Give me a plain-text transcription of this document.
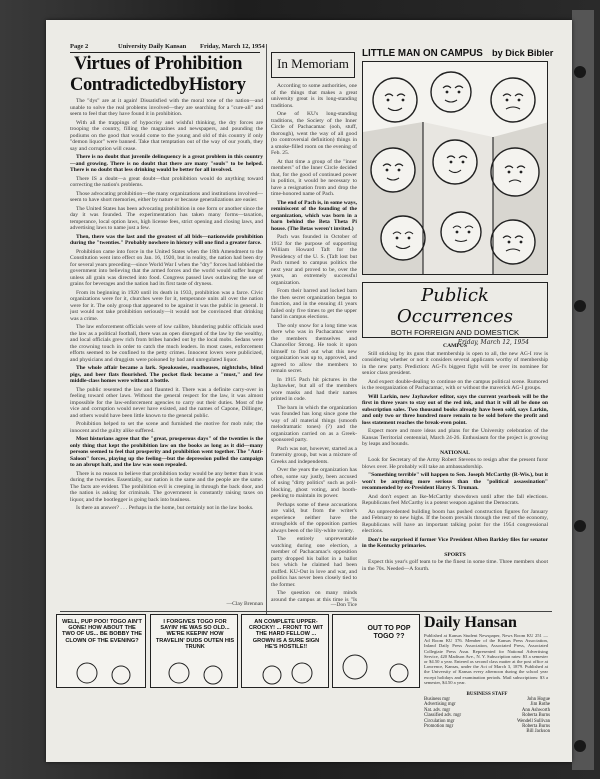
Page 2	University Daily Kansan Friday, March 12, 1954
Virtues of Prohibition
ContradictedbyHistory

The "dys" are at it again! Dissatisfied with the moral tone of the nation—and unable to solve the real problems involved—they are searching for a "cure-all" and seem to feel that they have found it in prohibition.

With all the trappings of hypocrisy and wishful thinking, the dry forces are trooping the country, filling the magazines and newspapers, and pounding the podiums on the good that would come to the young and old of this country if only "demon liquor" were banned. Take that temptation out of the way of our youth, they say and corruption will cease.

There is no doubt that juvenile delinquency is a great problem in this country—and growing. There is no doubt that there are many "souls" to be helped. There is no doubt that less drinking would be better for all involved.

There IS a doubt—a great doubt—that prohibition would do anything toward correcting the nation's problems.

Those advocating prohibition—the many organizations and institutions involved—seem to have short memories, either by nature or because generalizations are easier.

The United States has been advocating prohibition in one form or another since the day it was founded. The experimentation has taken many forms—taxation, temperance, local option laws, high license fees, strict opening and closing laws, and advertising laws to name just a few.

Then, there was the last and the greatest of all bids—nationwide prohibition during the "twenties." Probably nowhere in history will one find a greater farce.

Prohibition came into force in the United States when the 18th Amendment to the Constitution went into effect on Jan. 16, 1920, but in reality, the nation had been dry for several years preceding—since World War I when the "dry" forces had lobbied the government into believing that the armed forces and the world would suffer hunger unless all grain was directed into food. Congress passed laws outlawing the use of grains for beverages and the nation had its first taste of dryness.

From its beginning in 1920 until its death in 1933, prohibition was a farce. Civic organizations were for it, churches were for it, temperance units all over the nation were for it. The only group that appeared to be against it was the public in general. It just would not take prohibition seriously—it would not be convinced that drinking was a crime.

The law enforcement officials were of low calibre, blundering public officials used the law as a political football, there was an open disregard of the law by the wealthy, and local officials grew rich from bribes handed out by the local mobs. Sedans were the crowning touch in order to catch the much leaders. In most cases, enforcement efforts seemed to be confined to the petty crimes. Innocent lovers were publicized, and physicians and druggists were poisoned by bad and unregulated liquor.

The whole affair became a lark. Speakeasies, roadhouses, nightclubs, blind pigs, and beer flats flourished. The pocket flask became a "must," and few middle-class homes were without a bottle.

The public resented the law and flaunted it. There was a definite carry-over in feeling toward other laws. Without the general respect for the law, it was almost impossible for the law-enforcement agencies to carry out their duties. Most of the vice and corruption would never have existed, and the names of Capone, Dillinger, and others would have been little known to the general public.

Prohibition helped to set the scene and furnished the motive for mob rule; the innocent and the guilty alike suffered.

Most historians agree that the "great, prosperous days" of the twenties is the only thing that kept the prohibition law on the books as long as it did—many persons seemed to feel that prosperity and prohibition went together. The "Anti-Saloon" forces, playing up the feeling—but the depression pulled the campaign to an abrupt halt, and the law was soon repealed.

There is no reason to believe that prohibition today would be any better than it was during the twenties. Essentially, our nation is the same and the people are the same. The facts are evident. The prohibition evil is creeping in through the back door, and the nation is asking for criminals. The government is constantly raising taxes on liquor, and the bootlegger is going back into business.

Is there an answer? . . . Perhaps in the home, but certainly not in the law books.

—Clay Brennan
In Memoriam

According to some authorities, one of the things that makes a great university great is its long-standing traditions.

One of KU's long-standing traditions, the Society of the Inner Circle of Pachacamac (ooh, stuff, thorough), went the way of all good (to controversial definition) things in a smoke-filled room on the evening of Feb. 25.

At that time a group of the "inner members" of the Inner Circle decided that, for the good of continued power in politics, it would be necessary to have a resignation from and drop the time-honored name of Pach.

The end of Pach is, in some ways, reminiscent of the founding of the organization, which was born in a barn behind the Beta Theta Pi house. (The Betas weren't invited.)

Pach was founded in October of 1912 for the purpose of supporting William Howard Taft for the Presidency of the U. S. (Taft lost but Pach turned to campus politics the next year and proved to be, over the years, an extremely successful organization.

From their barred and locked barn the then secret organization began to function, and in the ensuing 41 years failed only five times to get the upper hand in campus elections.

The only snow for a long time was there who was in Pachacamac were the members themselves and Chancellor Strong. He took it upon himself to find out what this new organization was up to, approved, and agreed to allow the members to remain secret.

In 1915 Pach hit pictures in the Jayhawker, but all of the members wore masks and had their names printed in code.

The barn in which the organization was founded has long since gone the way of all material things (smooth melodramatic tones) (?) and the organization carried on as a Greek-sponsored party.

Pach was not, however, started as a fraternity group, but was a mixture of Greeks and independents.

Over the years the organization has often, some say justly, been accused of using "dirty politics" such as poll-blocking, ghost voting, and booth-peeking to maintain its power.

Perhaps some of these accusations are valid, but from the writer's experience neither have the strongholds of the opposition parties always been of the lily-white variety.

The entirely unpreventable watching during one election, a member of Pachacamac's opposition party dropped his ballot in a ballot box which he claimed had been stuffed. KU-Out in love and war, and politics has never been closely tied to the former.

The question on many minds around the campus at this time is "Is

—Don Tice
LITTLE MAN ON CAMPUS by Dick Bibler
Publick Occurrences
BOTH FORREIGN AND DOMESTICK
Friday, March 12, 1954
CAMPUS

Still sticking by its guns that membership is open to all, the new AG-I row is considering whether or not it considers several applicants worthy of membership in the new party. Prediction: AG-I's biggest fight will be over its nominee for senior class president.

And expect double-dealing to continue on the campus political scene. Rumored is the reorganization of Pachacamac, with or without the maverick AG-I groups.

Will Larkin, new Jayhawker editor, says the current yearbook will be the first in three years to stay out of the red ink, and that it will all be done on subscription sales. Two thousand books already have been sold, says Larkin, and only two or three hundred more remain to be sold before the profit and loss statement reaches the break-even point.

Expect more and more ideas and plans for the University celebration of the Kansas Territorial centennial, March 24-26. Enthusiasm for the project is growing by leaps and bounds.

NATIONAL

Look for Secretary of the Army Robert Stevens to resign after the present furor blows over. He probably will take an ambassadorship.

"Something terrible" will happen to Sen. Joseph McCarthy (R-Wis.), but it won't be anything more serious than the "political assassination" recommended by ex-President Harry S. Truman.

And don't expect an Ike-McCarthy showdown until after the fall elections. Republicans feel McCarthy is a potent weapon against the Democrats.

An unprecedented building boom has pushed construction figures for January and February to new highs. If the boom prevails through the rest of the economy, Republicans will have an important talking point for the 1954 congressional elections.

Don't be surprised if former Vice President Alben Barkley files for senator in the Kentucky primaries.

SPORTS

Expect this year's golf team to be the finest in some time. Three members shoot in the 70s. Needed—A fourth.

WELL, PUP POO! TOGO AIN'T GONE! HOW ABOUT THE TWO OF US... BE BOBBY THE CLOWN OF THE EVENING?
I FORGIVES TOGO FOR SAYIN' HE WAS SO OLD... WE'RE KEEPIN' HOW TRAVELIN' DUDS OUTEN HIS TRUNK
AN COMPLETE UPPER-CROCKY! ... FRONT TO WIT THE HARD FELLOW ... GROWN IS A SURE SIGN HE'S HOSTILE!!
OUT TO POP TOGO ??
Daily Hansan
Published at Kansas Student Newspaper, News Room KU 251 — Ad Room KU 376. Member of the Kansas Press Association, Inland Daily Press Association, Associated Press, Associated Collegiate Press Assn. Represented for National Advertising Service, 420 Madison Ave., N. Y. Subscription rates: $3 a semester or $4.50 a year. Entered as second class matter at the post office at Lawrence, Kansas, under the Act of March 3, 1879. Published at the University of Kansas every afternoon during the school year except holidays and examination periods. Mail subscriptions: $3 a semester, $4.50 a year.
BUSINESS STAFF
Business mgr	John Hogue
Advertising mgr	Jim Rothe
Nat. adv. mgr	Ann Ashworth
Classified adv. mgr	Roberta Burns
Circulation mgr	Wendell Sullivan
Promotion mgr	Roberta Burns
Bill Jackson
